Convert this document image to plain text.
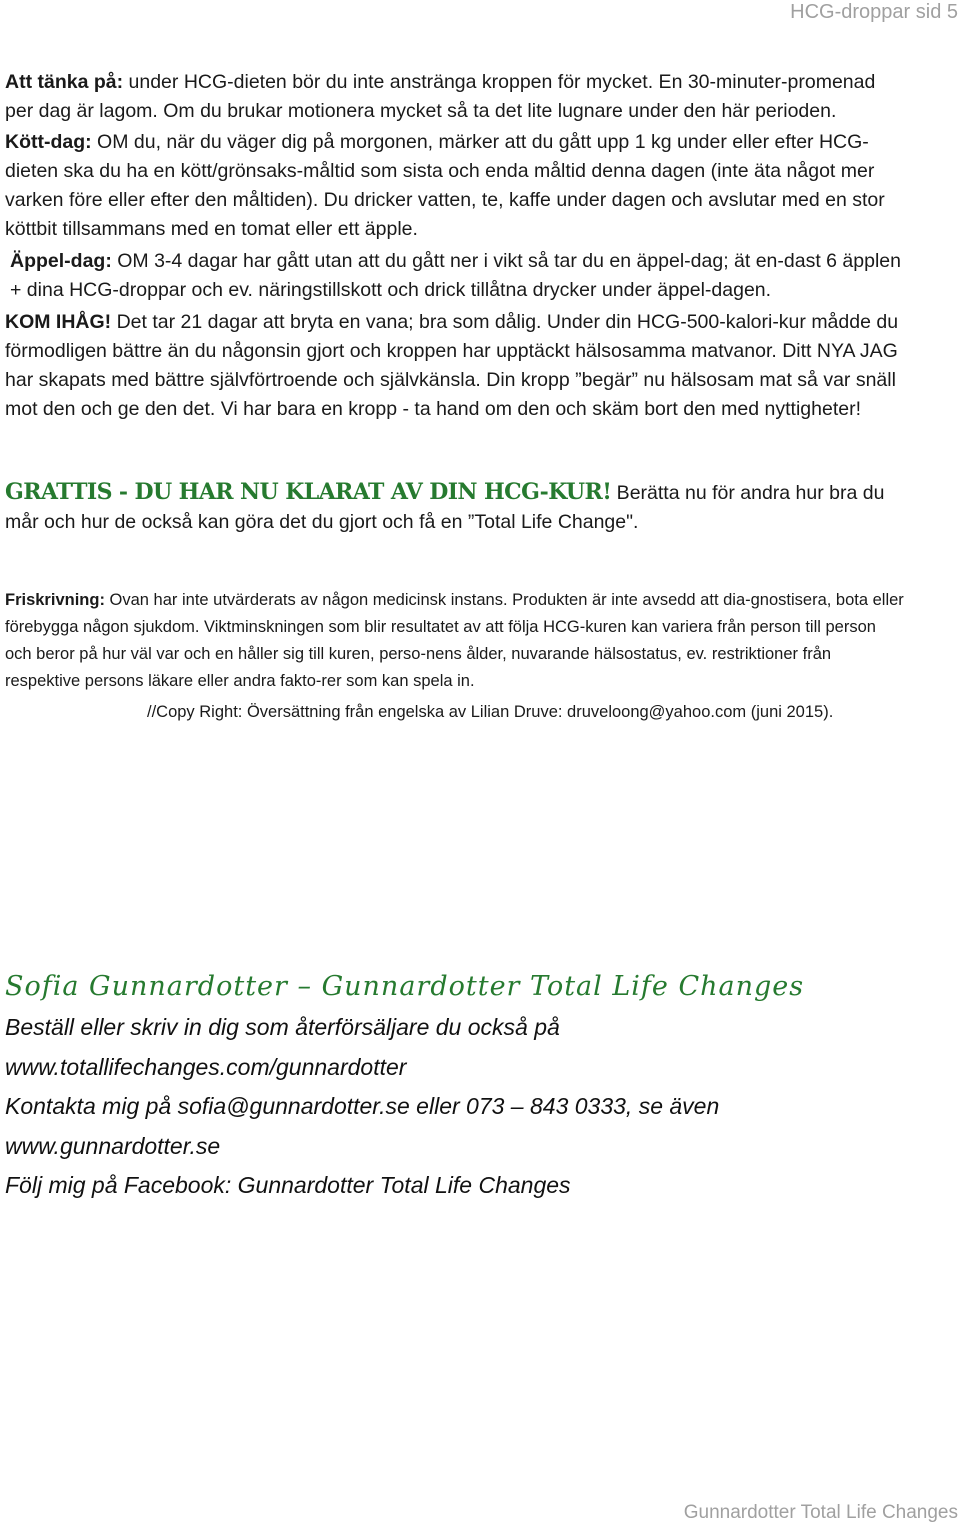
HCG-droppar sid 5

Att tänka på: under HCG-dieten bör du inte anstränga kroppen för mycket. En 30-minuter-promenad per dag är lagom. Om du brukar motionera mycket så ta det lite lugnare under den här perioden.

Kött-dag: OM du, när du väger dig på morgonen, märker att du gått upp 1 kg under eller efter HCG-dieten ska du ha en kött/grönsaks-måltid som sista och enda måltid denna dagen (inte äta något mer varken före eller efter den måltiden). Du dricker vatten, te, kaffe under dagen och avslutar med en stor köttbit tillsammans med en tomat eller ett äpple.

Äppel-dag: OM 3-4 dagar har gått utan att du gått ner i vikt så tar du en äppel-dag; ät en-dast 6 äpplen + dina HCG-droppar och ev. näringstillskott och drick tillåtna drycker under äppel-dagen.

KOM IHÅG! Det tar 21 dagar att bryta en vana; bra som dålig. Under din HCG-500-kalori-kur mådde du förmodligen bättre än du någonsin gjort och kroppen har upptäckt hälsosamma matvanor. Ditt NYA JAG har skapats med bättre självförtroende och självkänsla. Din kropp ”begär” nu hälsosam mat så var snäll mot den och ge den det. Vi har bara en kropp - ta hand om den och skäm bort den med nyttigheter!

GRATTIS - DU HAR NU KLARAT AV DIN HCG-KUR! Berätta nu för andra hur bra du mår och hur de också kan göra det du gjort och få en ”Total Life Change".

Friskrivning: Ovan har inte utvärderats av någon medicinsk instans. Produkten är inte avsedd att dia-gnostisera, bota eller förebygga någon sjukdom. Viktminskningen som blir resultatet av att följa HCG-kuren kan variera från person till person och beror på hur väl var och en håller sig till kuren, perso-nens ålder, nuvarande hälsostatus, ev. restriktioner från respektive persons läkare eller andra fakto-rer som kan spela in.

//Copy Right: Översättning från engelska av Lilian Druve: druveloong@yahoo.com (juni 2015).

Sofia Gunnardotter – Gunnardotter Total Life Changes
Beställ eller skriv in dig som återförsäljare du också på
www.totallifechanges.com/gunnardotter
Kontakta mig på sofia@gunnardotter.se eller 073 – 843 0333, se även
www.gunnardotter.se
Följ mig på Facebook: Gunnardotter Total Life Changes
Gunnardotter Total Life Changes
